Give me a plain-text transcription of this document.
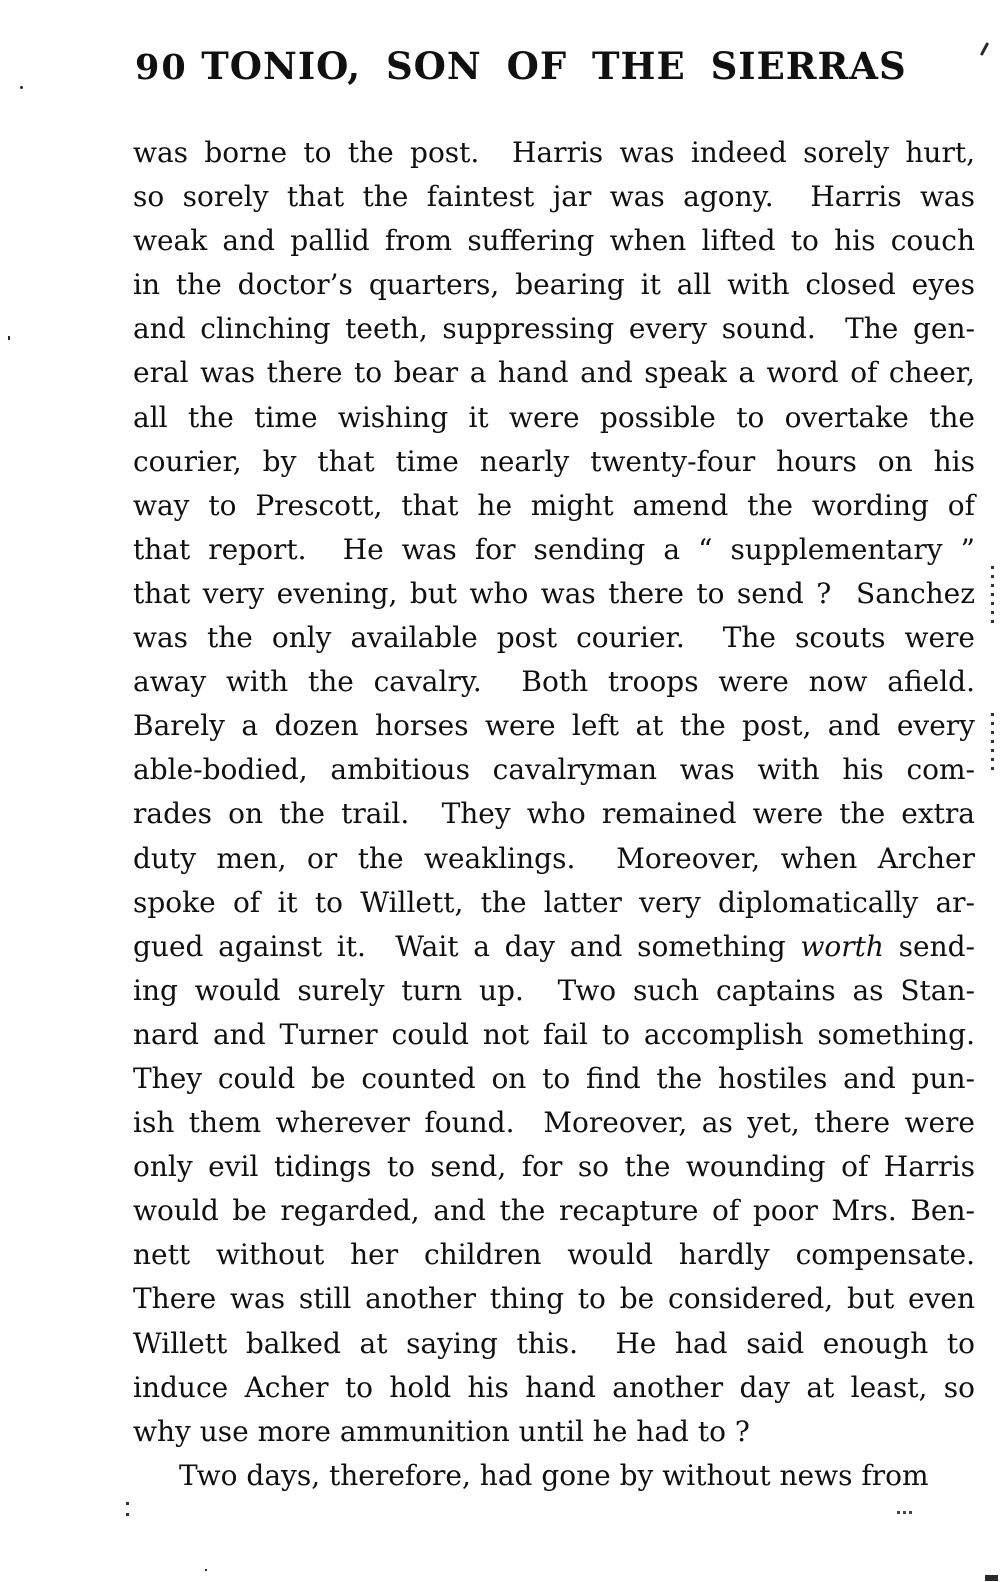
90 TONIO, SON OF THE SIERRAS
was borne to the post.  Harris was indeed sorely hurt,
so sorely that the faintest jar was agony.  Harris was
weak and pallid from suffering when lifted to his couch
in the doctor’s quarters, bearing it all with closed eyes
and clinching teeth, suppressing every sound.  The gen-
eral was there to bear a hand and speak a word of cheer,
all the time wishing it were possible to overtake the
courier, by that time nearly twenty-four hours on his
way to Prescott, that he might amend the wording of
that report.  He was for sending a “ supplementary ”
that very evening, but who was there to send ?  Sanchez
was the only available post courier.  The scouts were
away with the cavalry.  Both troops were now afield.
Barely a dozen horses were left at the post, and every
able-bodied, ambitious cavalryman was with his com-
rades on the trail.  They who remained were the extra
duty men, or the weaklings.  Moreover, when Archer
spoke of it to Willett, the latter very diplomatically ar-
gued against it.  Wait a day and something worth send-
ing would surely turn up.  Two such captains as Stan-
nard and Turner could not fail to accomplish something.
They could be counted on to find the hostiles and pun-
ish them wherever found.  Moreover, as yet, there were
only evil tidings to send, for so the wounding of Harris
would be regarded, and the recapture of poor Mrs. Ben-
nett without her children would hardly compensate.
There was still another thing to be considered, but even
Willett balked at saying this.  He had said enough to
induce Acher to hold his hand another day at least, so
why use more ammunition until he had to ?
Two days, therefore, had gone by without news from
